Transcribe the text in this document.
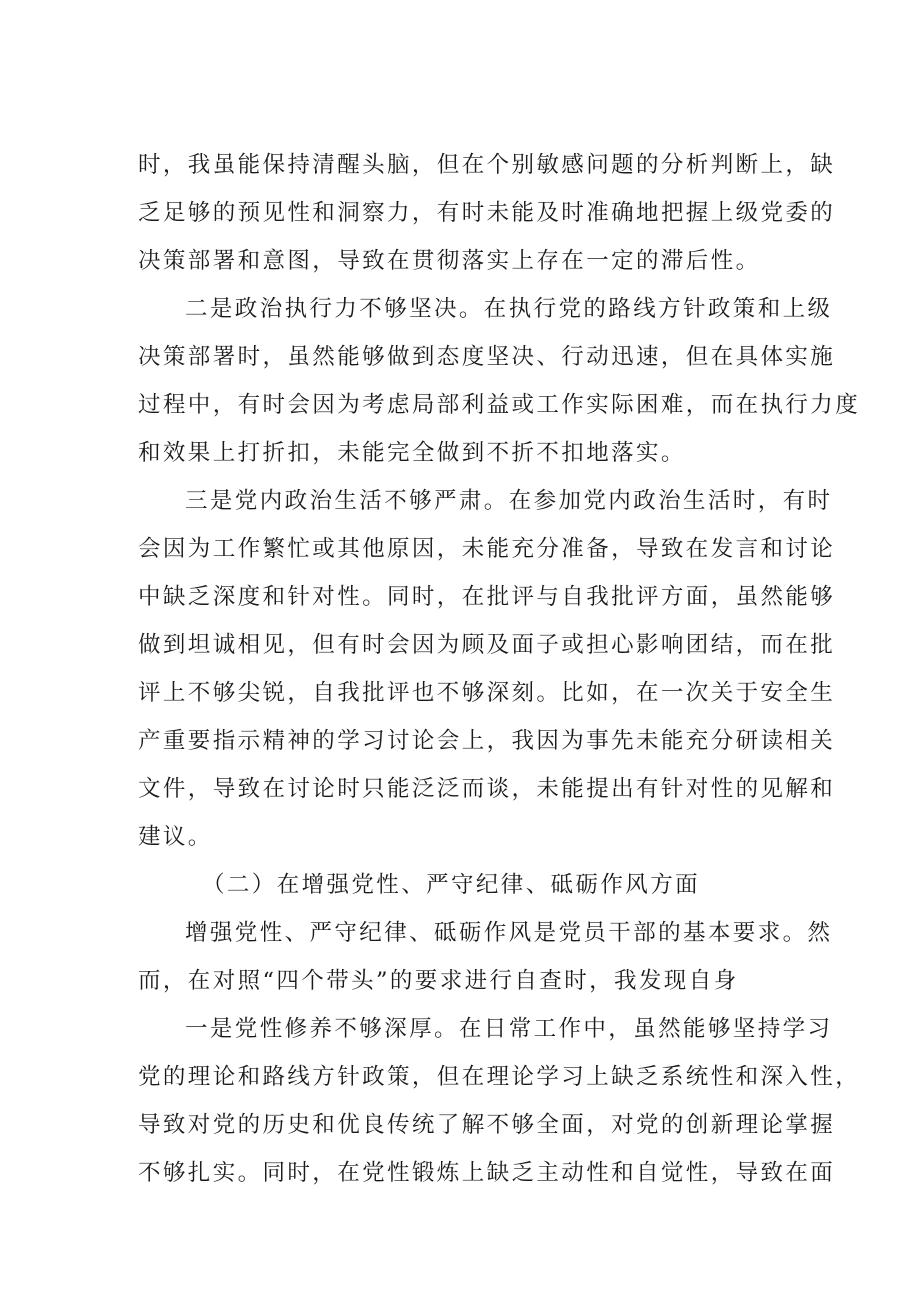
时，我虽能保持清醒头脑，但在个别敏感问题的分析判断上，缺
乏足够的预见性和洞察力，有时未能及时准确地把握上级党委的
决策部署和意图，导致在贯彻落实上存在一定的滞后性。
二是政治执行力不够坚决。在执行党的路线方针政策和上级
决策部署时，虽然能够做到态度坚决、行动迅速，但在具体实施
过程中，有时会因为考虑局部利益或工作实际困难，而在执行力度
和效果上打折扣，未能完全做到不折不扣地落实。
三是党内政治生活不够严肃。在参加党内政治生活时，有时
会因为工作繁忙或其他原因，未能充分准备，导致在发言和讨论
中缺乏深度和针对性。同时，在批评与自我批评方面，虽然能够
做到坦诚相见，但有时会因为顾及面子或担心影响团结，而在批
评上不够尖锐，自我批评也不够深刻。比如，在一次关于安全生
产重要指示精神的学习讨论会上，我因为事先未能充分研读相关
文件，导致在讨论时只能泛泛而谈，未能提出有针对性的见解和
建议。
（二）在增强党性、严守纪律、砥砺作风方面
增强党性、严守纪律、砥砺作风是党员干部的基本要求。然
而，在对照“四个带头”的要求进行自查时，我发现自身
一是党性修养不够深厚。在日常工作中，虽然能够坚持学习
党的理论和路线方针政策，但在理论学习上缺乏系统性和深入性，
导致对党的历史和优良传统了解不够全面，对党的创新理论掌握
不够扎实。同时，在党性锻炼上缺乏主动性和自觉性，导致在面
